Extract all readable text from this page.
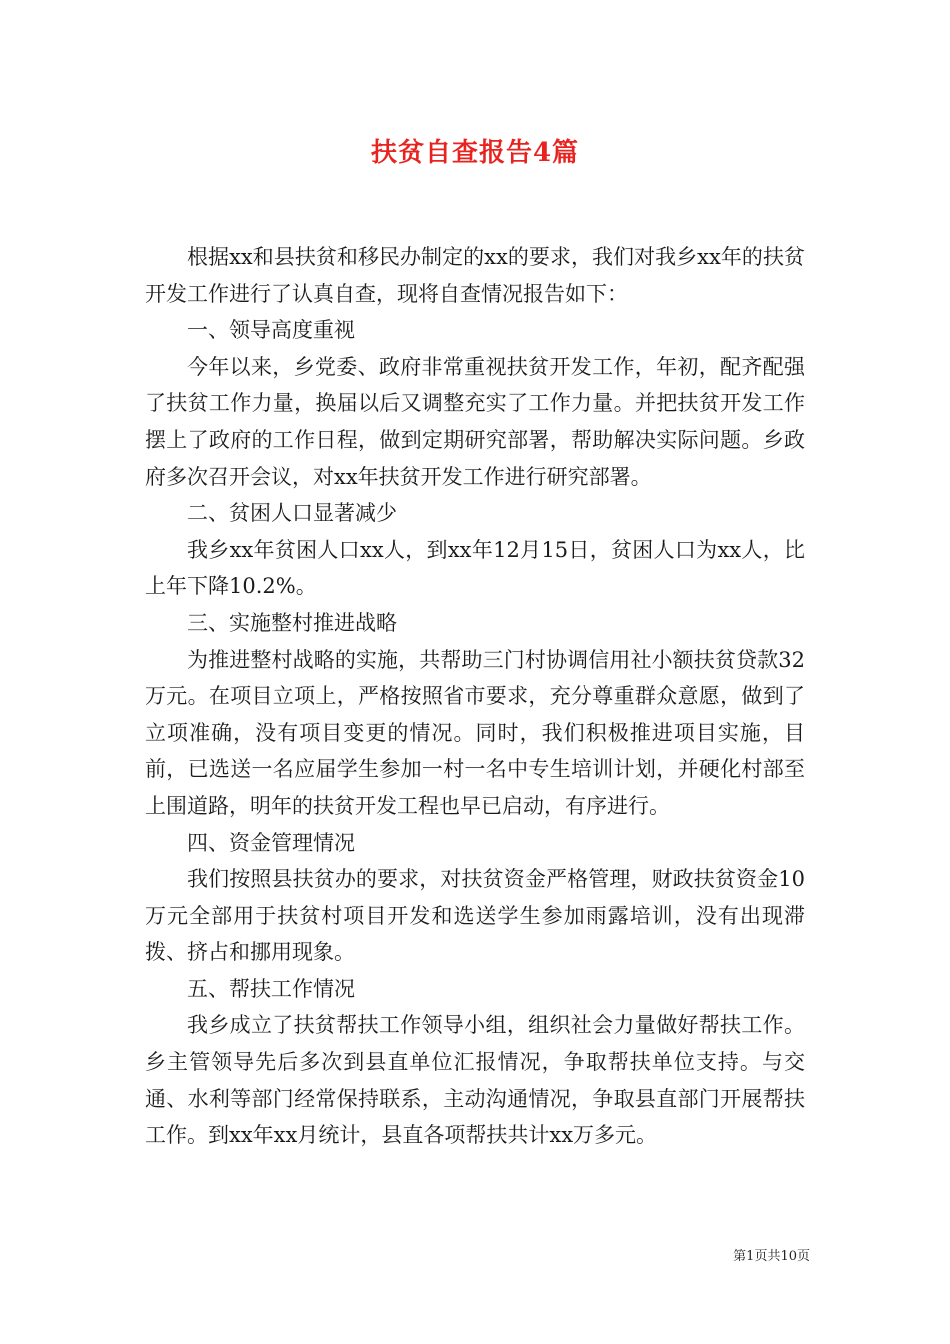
扶贫自查报告4篇

根据xx和县扶贫和移民办制定的xx的要求，我们对我乡xx年的扶贫开发工作进行了认真自查，现将自查情况报告如下：

一、领导高度重视

今年以来，乡党委、政府非常重视扶贫开发工作，年初，配齐配强了扶贫工作力量，换届以后又调整充实了工作力量。并把扶贫开发工作摆上了政府的工作日程，做到定期研究部署，帮助解决实际问题。乡政府多次召开会议，对xx年扶贫开发工作进行研究部署。

二、贫困人口显著减少

我乡xx年贫困人口xx人，到xx年12月15日，贫困人口为xx人，比上年下降10.2%。

三、实施整村推进战略

为推进整村战略的实施，共帮助三门村协调信用社小额扶贫贷款32万元。在项目立项上，严格按照省市要求，充分尊重群众意愿，做到了立项准确，没有项目变更的情况。同时，我们积极推进项目实施，目前，已选送一名应届学生参加一村一名中专生培训计划，并硬化村部至上围道路，明年的扶贫开发工程也早已启动，有序进行。

四、资金管理情况

我们按照县扶贫办的要求，对扶贫资金严格管理，财政扶贫资金10万元全部用于扶贫村项目开发和选送学生参加雨露培训，没有出现滞拨、挤占和挪用现象。

五、帮扶工作情况

我乡成立了扶贫帮扶工作领导小组，组织社会力量做好帮扶工作。乡主管领导先后多次到县直单位汇报情况，争取帮扶单位支持。与交通、水利等部门经常保持联系，主动沟通情况，争取县直部门开展帮扶工作。到xx年xx月统计，县直各项帮扶共计xx万多元。

第1页共10页
